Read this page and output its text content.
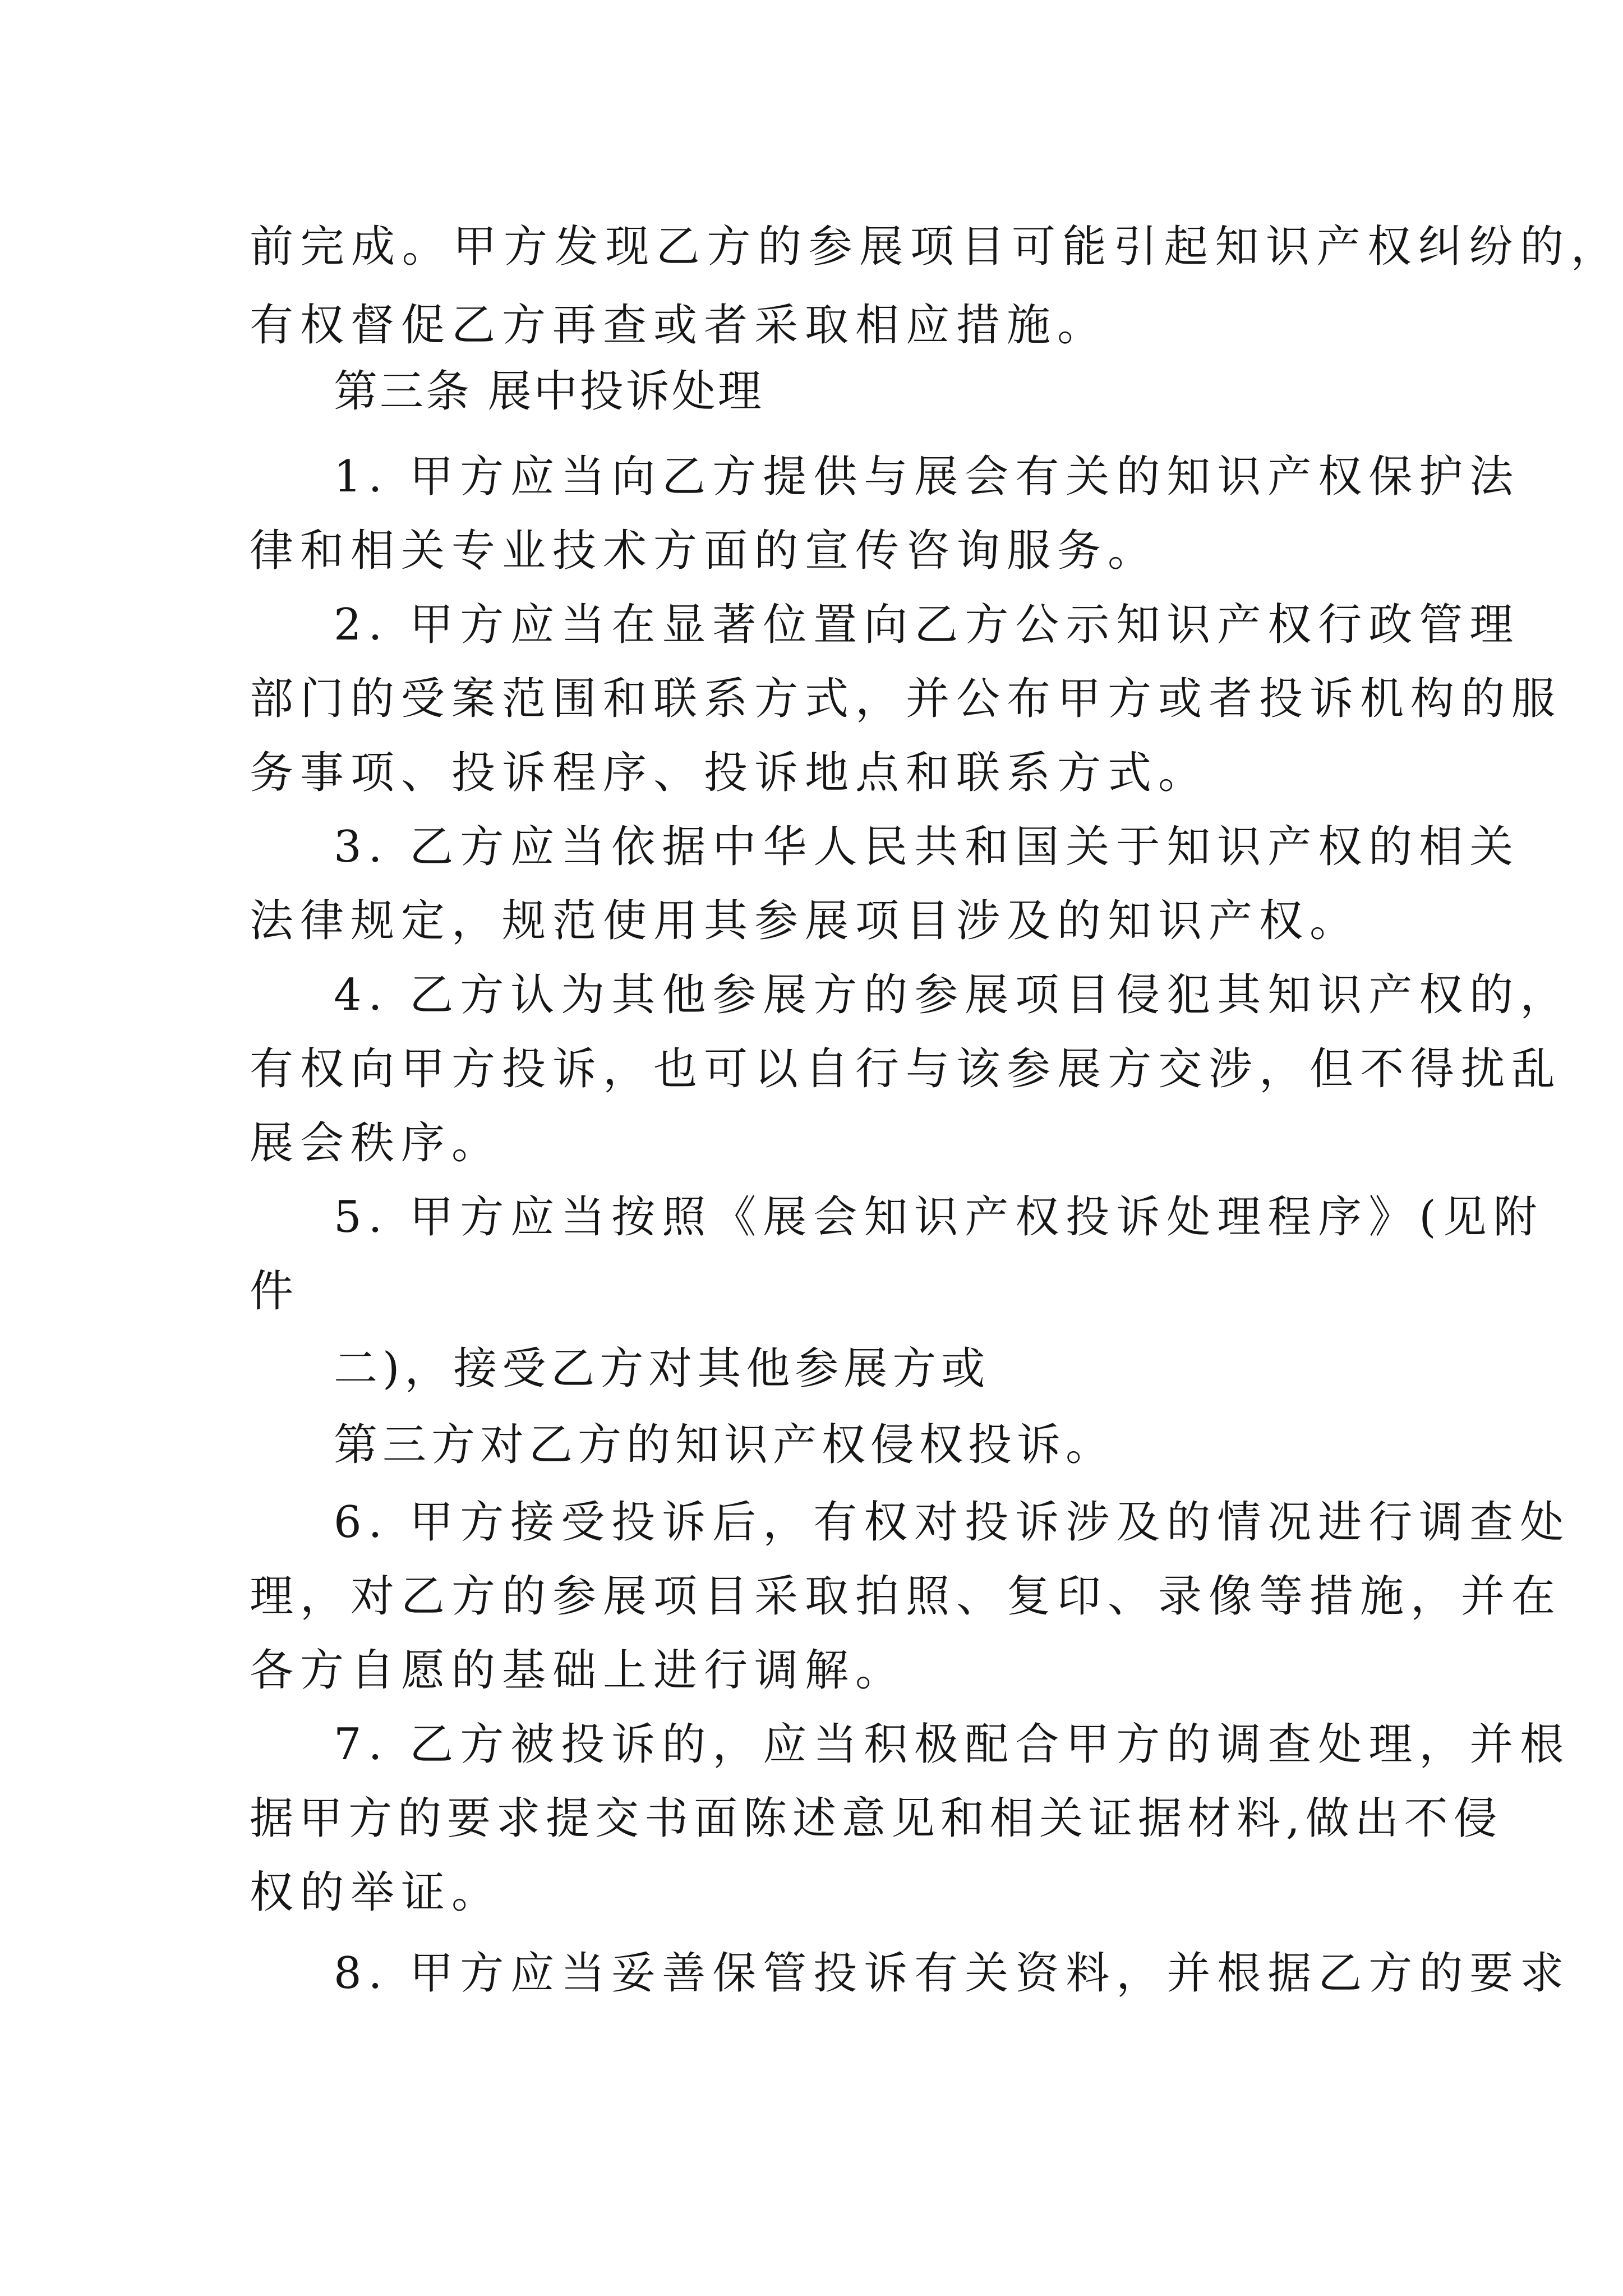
前完成。甲方发现乙方的参展项目可能引起知识产权纠纷的，
有权督促乙方再查或者采取相应措施。
第三条 展中投诉处理
1. 甲方应当向乙方提供与展会有关的知识产权保护法
律和相关专业技术方面的宣传咨询服务。
2. 甲方应当在显著位置向乙方公示知识产权行政管理
部门的受案范围和联系方式，并公布甲方或者投诉机构的服
务事项、投诉程序、投诉地点和联系方式。
3. 乙方应当依据中华人民共和国关于知识产权的相关
法律规定，规范使用其参展项目涉及的知识产权。
4. 乙方认为其他参展方的参展项目侵犯其知识产权的，
有权向甲方投诉，也可以自行与该参展方交涉，但不得扰乱
展会秩序。
5. 甲方应当按照《展会知识产权投诉处理程序》(见附
件
二)，接受乙方对其他参展方或
第三方对乙方的知识产权侵权投诉。
6. 甲方接受投诉后，有权对投诉涉及的情况进行调查处
理，对乙方的参展项目采取拍照、复印、录像等措施，并在
各方自愿的基础上进行调解。
7. 乙方被投诉的，应当积极配合甲方的调查处理，并根
据甲方的要求提交书面陈述意见和相关证据材料,做出不侵
权的举证。
8. 甲方应当妥善保管投诉有关资料，并根据乙方的要求
